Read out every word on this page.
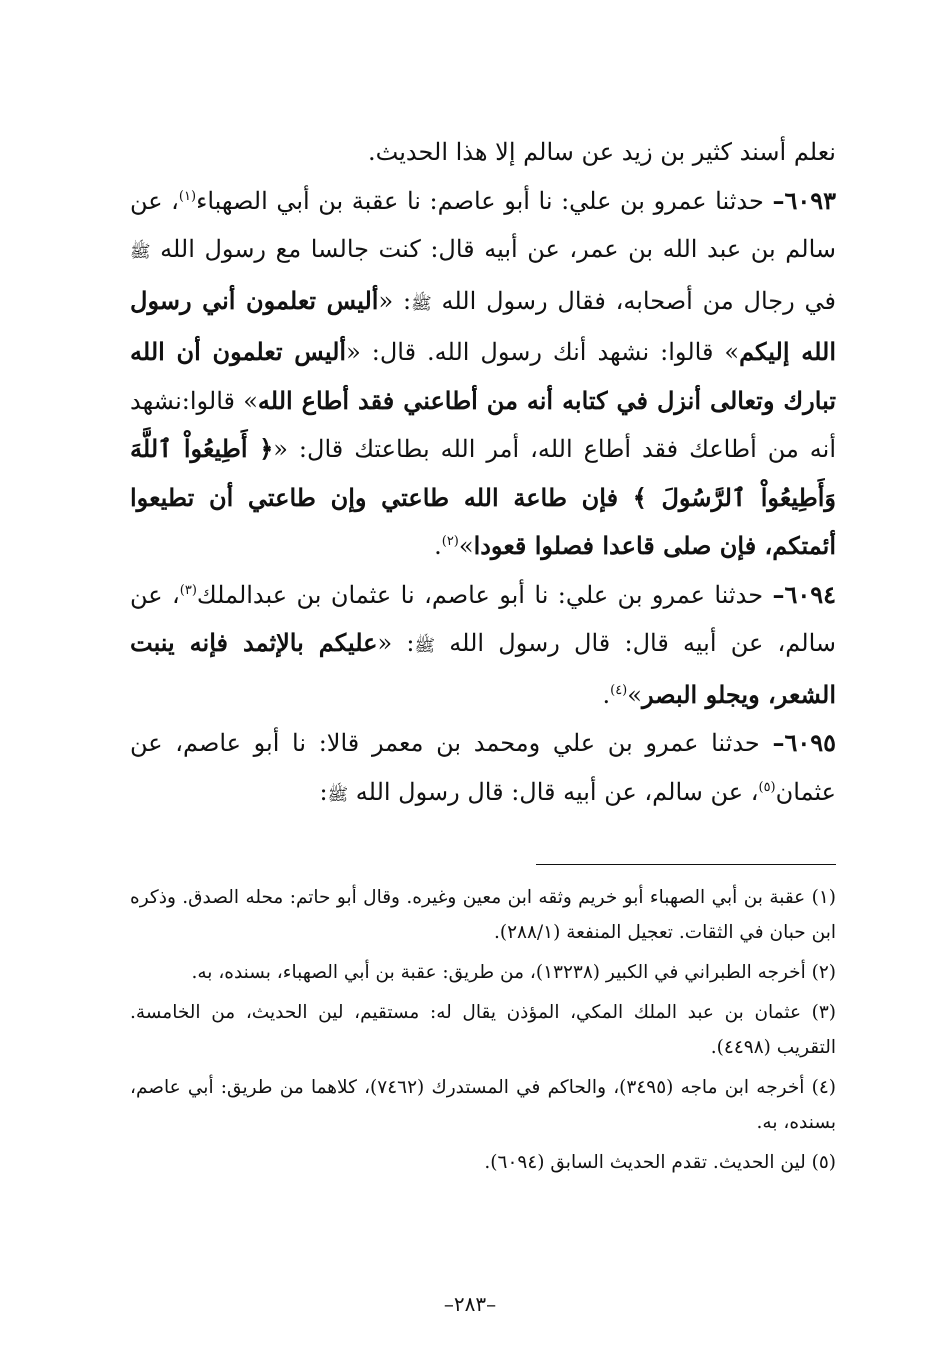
نعلم أسند كثير بن زيد عن سالم إلا هذا الحديث.

٦٠٩٣– حدثنا عمرو بن علي: نا أبو عاصم: نا عقبة بن أبي الصهباء$^{(١)}$، عن سالم بن عبد الله بن عمر، عن أبيه قال: كنت جالسا مع رسول الله ﷺ في رجال من أصحابه، فقال رسول الله ﷺ: «أليس تعلمون أني رسول الله إليكم» قالوا: نشهد أنك رسول الله. قال: «أليس تعلمون أن الله تبارك وتعالى أنزل في كتابه أنه من أطاعني فقد أطاع الله» قالوا:نشهد أنه من أطاعك فقد أطاع الله، أمر الله بطاعتك قال: «﴿ أَطِيعُواْ ٱللَّهَ وَأَطِيعُواْ ٱلرَّسُولَ ﴾ فإن طاعة الله طاعتي وإن طاعتي أن تطيعوا أئمتكم، فإن صلى قاعدا فصلوا قعودا»$^{(٢)}$.

٦٠٩٤– حدثنا عمرو بن علي: نا أبو عاصم، نا عثمان بن عبدالملك$^{(٣)}$، عن سالم، عن أبيه قال: قال رسول الله ﷺ: «عليكم بالإثمد فإنه ينبت الشعر، ويجلو البصر»$^{(٤)}$.

٦٠٩٥– حدثنا عمرو بن علي ومحمد بن معمر قالا: نا أبو عاصم، عن عثمان$^{(٥)}$، عن سالم، عن أبيه قال: قال رسول الله ﷺ:

(١) عقبة بن أبي الصهباء أبو خريم وثقه ابن معين وغيره. وقال أبو حاتم: محله الصدق. وذكره ابن حبان في الثقات. تعجيل المنفعة (٢٨٨/١).

(٢) أخرجه الطبراني في الكبير (١٣٢٣٨)، من طريق: عقبة بن أبي الصهباء، بسنده، به.

(٣) عثمان بن عبد الملك المكي، المؤذن يقال له: مستقيم، لين الحديث، من الخامسة. التقريب (٤٤٩٨).

(٤) أخرجه ابن ماجه (٣٤٩٥)، والحاكم في المستدرك (٧٤٦٢)، كلاهما من طريق: أبي عاصم، بسنده، به.

(٥) لين الحديث. تقدم الحديث السابق (٦٠٩٤).

–٢٨٣–
